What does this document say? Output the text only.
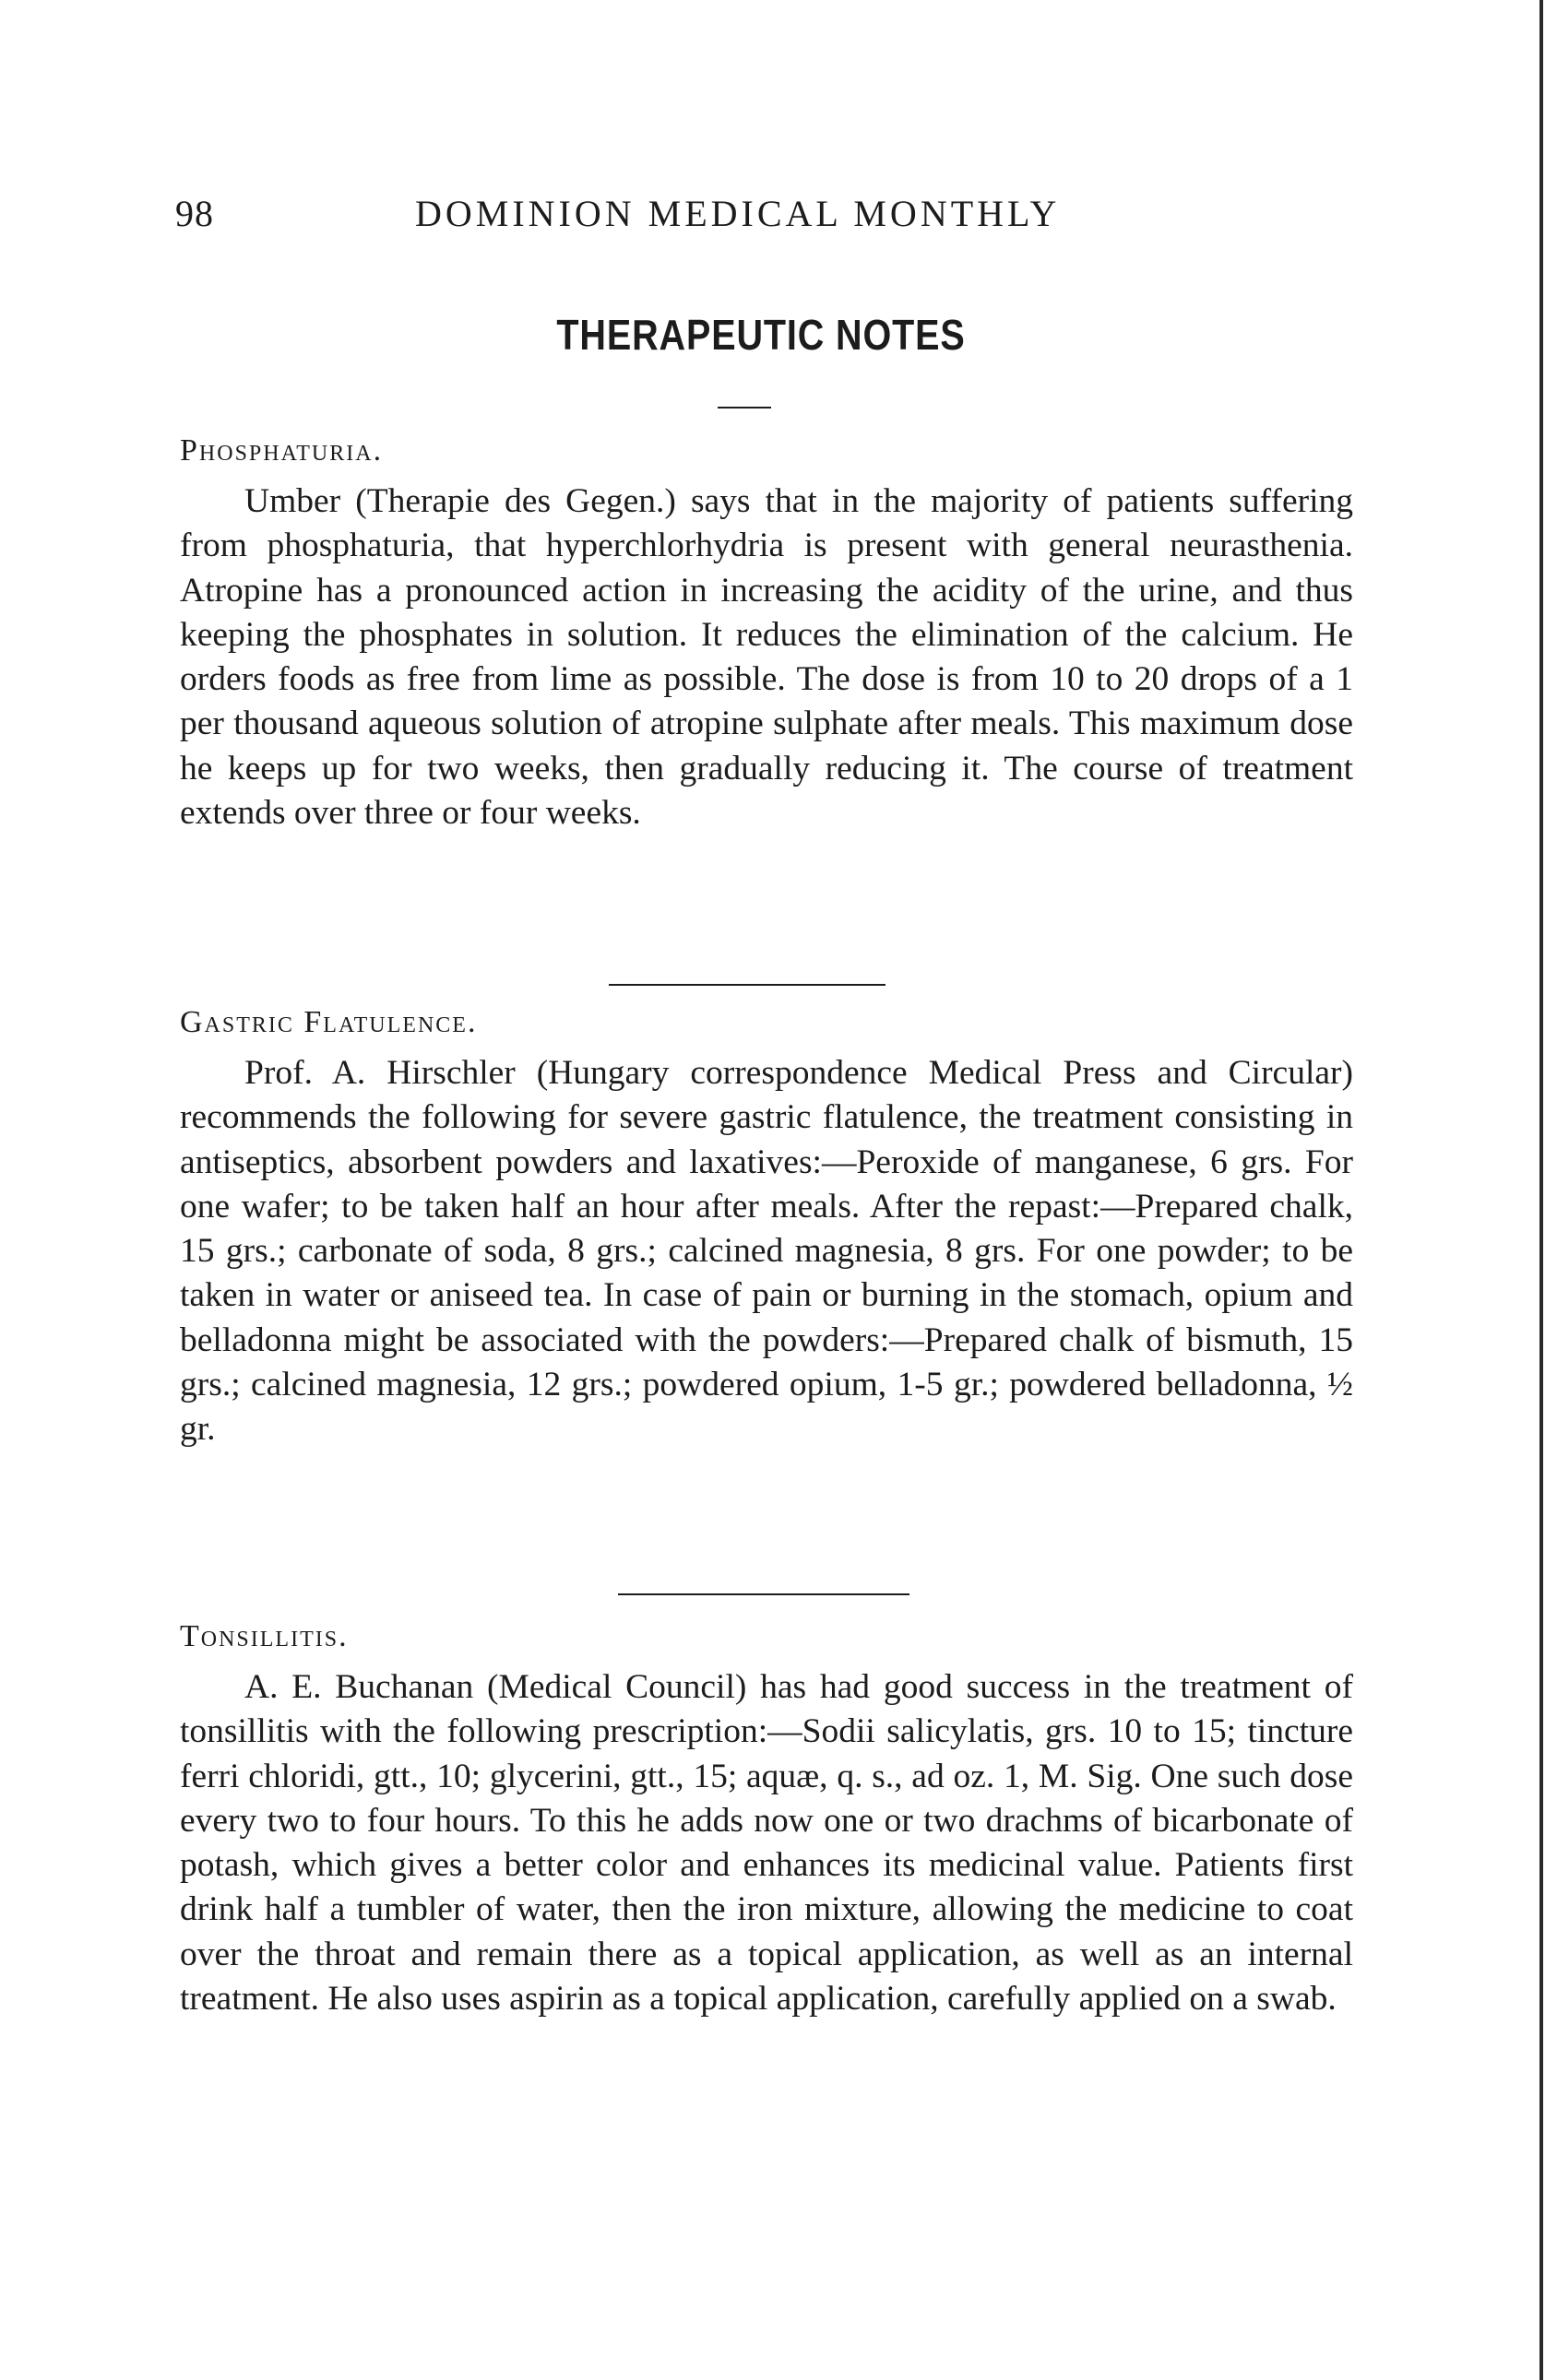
98	DOMINION MEDICAL MONTHLY
THERAPEUTIC NOTES

Phosphaturia.

Umber (Therapie des Gegen.) says that in the majority of patients suffering from phosphaturia, that hyperchlorhydria is present with general neurasthenia. Atropine has a pronounced action in increasing the acidity of the urine, and thus keeping the phosphates in solution. It reduces the elimination of the calcium. He orders foods as free from lime as possible. The dose is from 10 to 20 drops of a 1 per thousand aqueous solution of atropine sulphate after meals. This maximum dose he keeps up for two weeks, then gradually reducing it. The course of treatment extends over three or four weeks.

Gastric Flatulence.

Prof. A. Hirschler (Hungary correspondence Medical Press and Circular) recommends the following for severe gastric flatulence, the treatment consisting in antiseptics, absorbent powders and laxatives:—Peroxide of manganese, 6 grs. For one wafer; to be taken half an hour after meals. After the repast:—Prepared chalk, 15 grs.; carbonate of soda, 8 grs.; calcined magnesia, 8 grs. For one powder; to be taken in water or aniseed tea. In case of pain or burning in the stomach, opium and belladonna might be associated with the powders:—Prepared chalk of bismuth, 15 grs.; calcined magnesia, 12 grs.; powdered opium, 1-5 gr.; powdered belladonna, ½ gr.

Tonsillitis.

A. E. Buchanan (Medical Council) has had good success in the treatment of tonsillitis with the following prescription:—Sodii salicylatis, grs. 10 to 15; tincture ferri chloridi, gtt., 10; glycerini, gtt., 15; aquæ, q. s., ad oz. 1, M. Sig. One such dose every two to four hours. To this he adds now one or two drachms of bicarbonate of potash, which gives a better color and enhances its medicinal value. Patients first drink half a tumbler of water, then the iron mixture, allowing the medicine to coat over the throat and remain there as a topical application, as well as an internal treatment. He also uses aspirin as a topical application, carefully applied on a swab.
